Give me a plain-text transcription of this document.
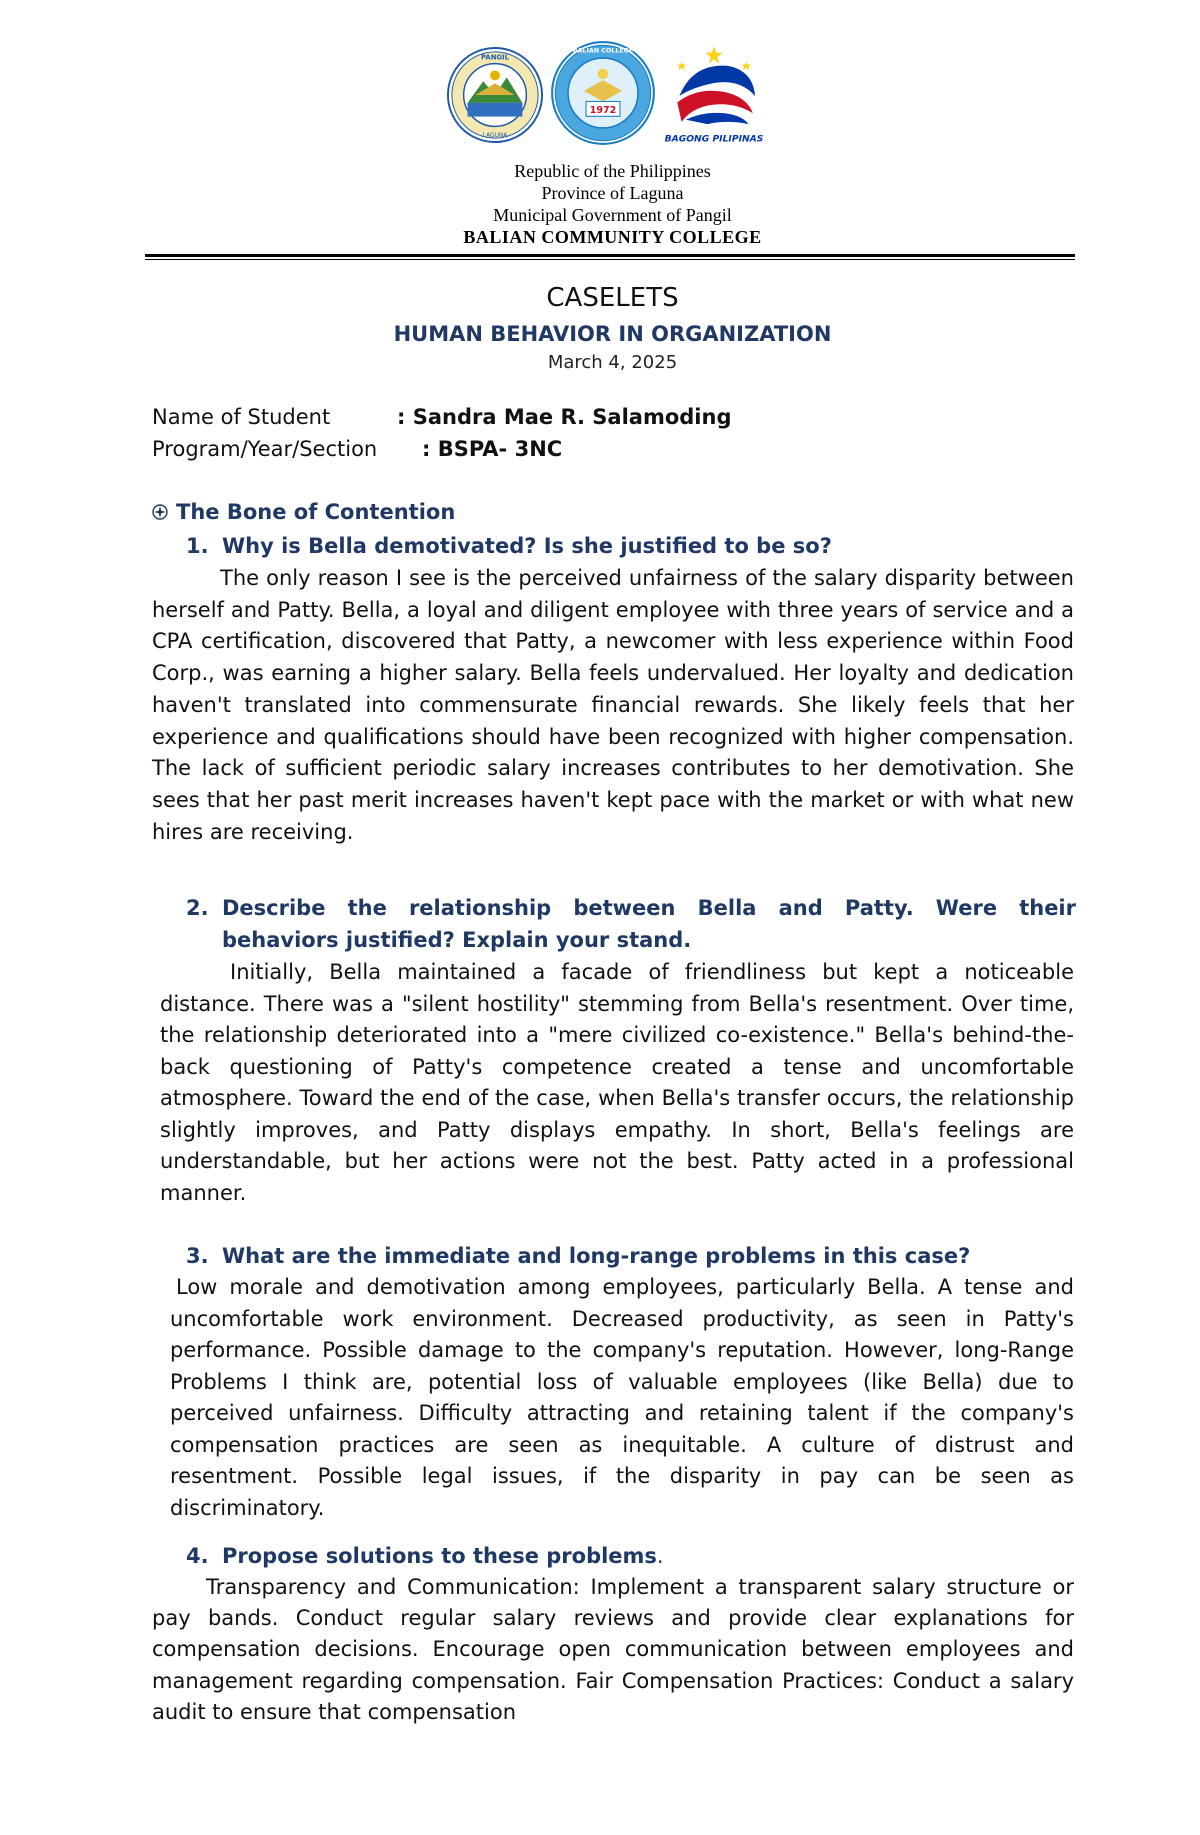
PANGIL
LAGUNA
1972
BALIAN COLLEGE
BAGONG PILIPINAS
Republic of the Philippines
Province of Laguna
Municipal Government of Pangil
BALIAN COMMUNITY COLLEGE
CASELETS
HUMAN BEHAVIOR IN ORGANIZATION
March 4, 2025
Name of Student	: Sandra Mae R. Salamoding
Program/Year/Section : BSPA- 3NC
The Bone of Contention
1. Why is Bella demotivated? Is she justified to be so?
The only reason I see is the perceived unfairness of the salary disparity between herself and Patty. Bella, a loyal and diligent employee with three years of service and a CPA certification, discovered that Patty, a newcomer with less experience within Food Corp., was earning a higher salary. Bella feels undervalued. Her loyalty and dedication haven't translated into commensurate financial rewards. She likely feels that her experience and qualifications should have been recognized with higher compensation. The lack of sufficient periodic salary increases contributes to her demotivation. She sees that her past merit increases haven't kept pace with the market or with what new hires are receiving.
2. Describe the relationship between Bella and Patty. Were their behaviors justified? Explain your stand.
Initially, Bella maintained a facade of friendliness but kept a noticeable distance. There was a "silent hostility" stemming from Bella's resentment. Over time, the relationship deteriorated into a "mere civilized co-existence." Bella's behind-the-back questioning of Patty's competence created a tense and uncomfortable atmosphere. Toward the end of the case, when Bella's transfer occurs, the relationship slightly improves, and Patty displays empathy. In short, Bella's feelings are understandable, but her actions were not the best. Patty acted in a professional manner.
3. What are the immediate and long-range problems in this case?
Low morale and demotivation among employees, particularly Bella. A tense and uncomfortable work environment. Decreased productivity, as seen in Patty's performance. Possible damage to the company's reputation. However, long-Range Problems I think are, potential loss of valuable employees (like Bella) due to perceived unfairness. Difficulty attracting and retaining talent if the company's compensation practices are seen as inequitable. A culture of distrust and resentment. Possible legal issues, if the disparity in pay can be seen as discriminatory.
4. Propose solutions to these problems.
Transparency and Communication: Implement a transparent salary structure or pay bands. Conduct regular salary reviews and provide clear explanations for compensation decisions. Encourage open communication between employees and management regarding compensation. Fair Compensation Practices: Conduct a salary audit to ensure that compensation
